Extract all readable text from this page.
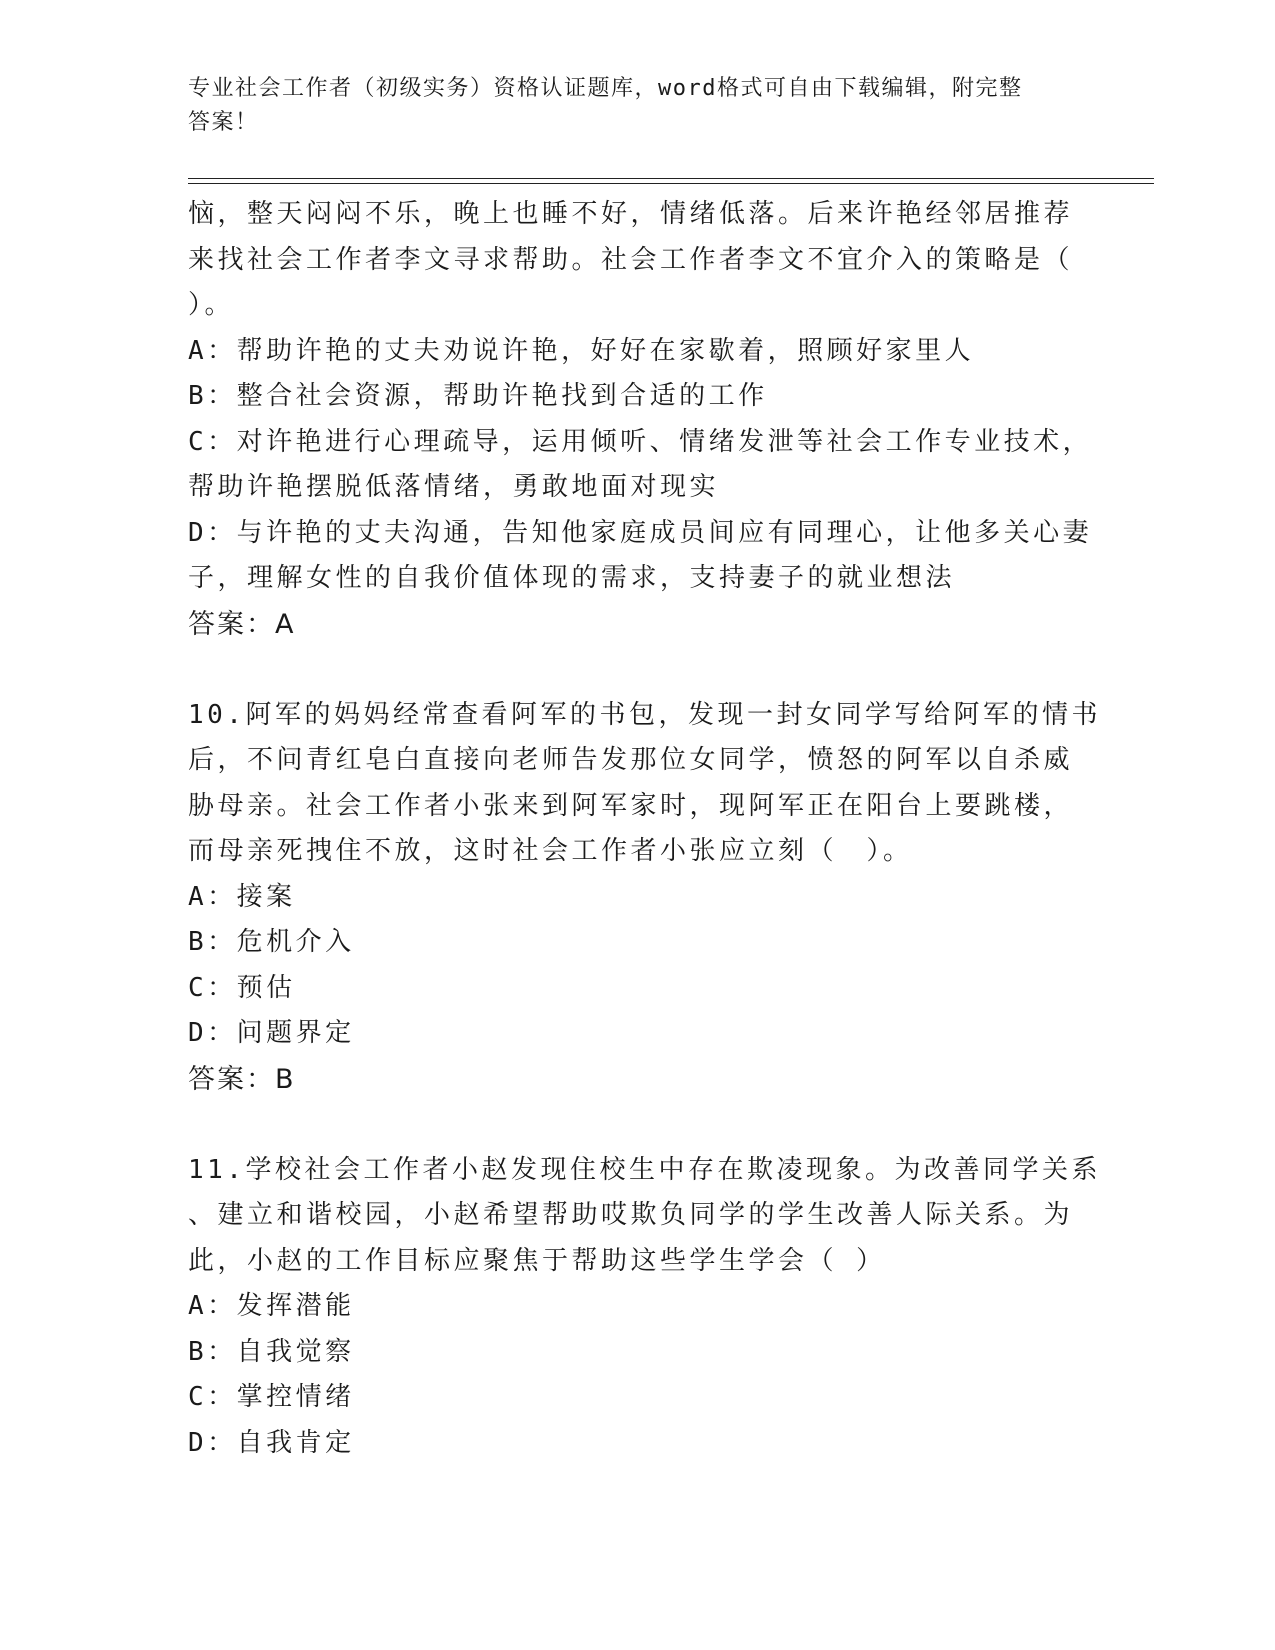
专业社会工作者（初级实务）资格认证题库，word格式可自由下载编辑，附完整
答案！
恼，整天闷闷不乐，晚上也睡不好，情绪低落。后来许艳经邻居推荐
来找社会工作者李文寻求帮助。社会工作者李文不宜介入的策略是（
）。
A：帮助许艳的丈夫劝说许艳，好好在家歇着，照顾好家里人
B：整合社会资源，帮助许艳找到合适的工作
C：对许艳进行心理疏导，运用倾听、情绪发泄等社会工作专业技术，
帮助许艳摆脱低落情绪，勇敢地面对现实
D：与许艳的丈夫沟通，告知他家庭成员间应有同理心，让他多关心妻
子，理解女性的自我价值体现的需求，支持妻子的就业想法
答案：A
10.阿军的妈妈经常查看阿军的书包，发现一封女同学写给阿军的情书
后，不问青红皂白直接向老师告发那位女同学，愤怒的阿军以自杀威
胁母亲。社会工作者小张来到阿军家时，现阿军正在阳台上要跳楼，
而母亲死拽住不放，这时社会工作者小张应立刻（　）。
A：接案
B：危机介入
C：预估
D：问题界定
答案：B
11.学校社会工作者小赵发现住校生中存在欺凌现象。为改善同学关系
、建立和谐校园，小赵希望帮助哎欺负同学的学生改善人际关系。为
此，小赵的工作目标应聚焦于帮助这些学生学会（ ）
A：发挥潜能
B：自我觉察
C：掌控情绪
D：自我肯定
